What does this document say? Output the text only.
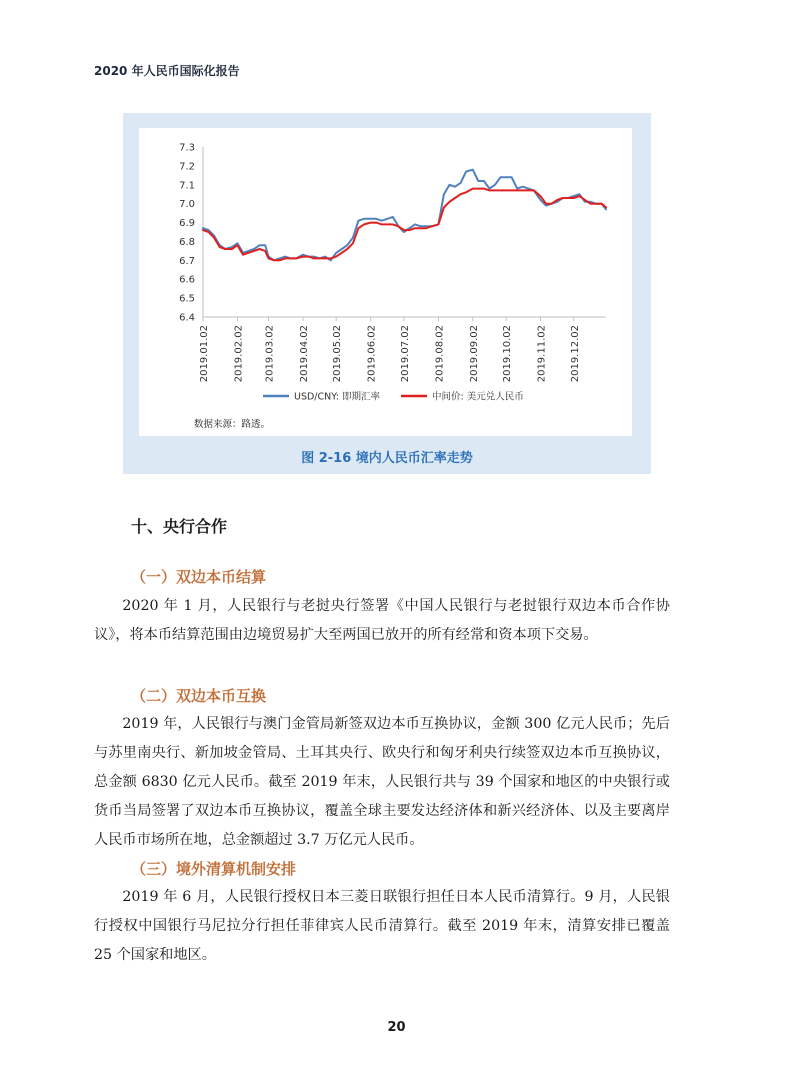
2020 年人民币国际化报告
6.4
6.5
6.6
6.7
6.8
6.9
7.0
7.1
7.2
7.3
2019.01.02 2019.02.02 2019.03.02 2019.04.02 2019.05.02 2019.06.02 2019.07.02 2019.08.02 2019.09.02 2019.10.02 2019.11.02 2019.12.02
USD/CNY: 即期汇率	中间价: 美元兑人民币
数据来源：路透。
图 2-16 境内人民币汇率走势
十、央行合作
（一）双边本币结算

2020 年 1 月，人民银行与老挝央行签署《中国人民银行与老挝银行双边本币合作协议》，将本币结算范围由边境贸易扩大至两国已放开的所有经常和资本项下交易。

（二）双边本币互换

2019 年，人民银行与澳门金管局新签双边本币互换协议，金额 300 亿元人民币；先后与苏里南央行、新加坡金管局、土耳其央行、欧央行和匈牙利央行续签双边本币互换协议，总金额 6830 亿元人民币。截至 2019 年末，人民银行共与 39 个国家和地区的中央银行或货币当局签署了双边本币互换协议，覆盖全球主要发达经济体和新兴经济体、以及主要离岸人民币市场所在地，总金额超过 3.7 万亿元人民币。

（三）境外清算机制安排

2019 年 6 月，人民银行授权日本三菱日联银行担任日本人民币清算行。9 月，人民银行授权中国银行马尼拉分行担任菲律宾人民币清算行。截至 2019 年末，清算安排已覆盖 25 个国家和地区。

20
